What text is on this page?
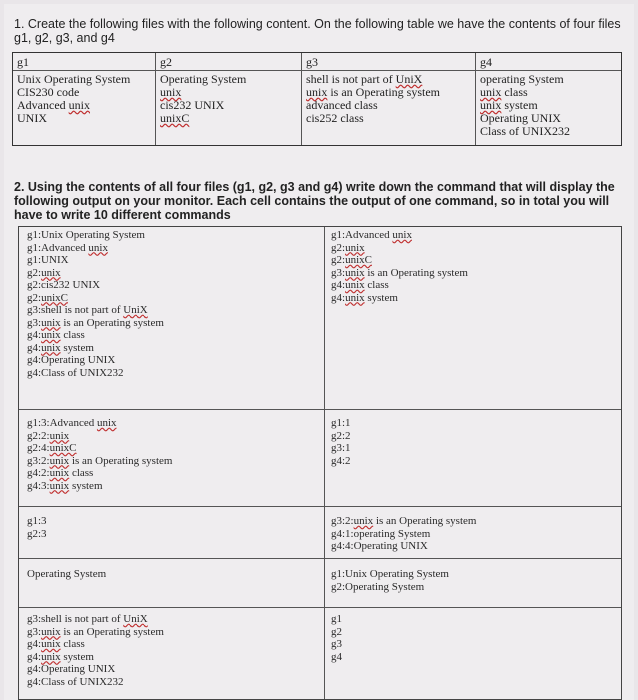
1. Create the following files with the following content. On the following table we have the contents of four files g1, g2, g3, and g4
g1
Unix Operating System
CIS230 code
Advanced unix
UNIX
g2
Operating System
unix
cis232 UNIX
unixC
g3
shell is not part of UniX
unix is an Operating system
advanced class
cis252 class
g4
operating System
unix class
unix system
Operating UNIX
Class of UNIX232
2. Using the contents of all four files (g1, g2, g3 and g4) write down the command that will display the following output on your monitor. Each cell contains the output of one command, so in total you will have to write 10 different commands
g1:Unix Operating System
g1:Advanced unix
g1:UNIX
g2:unix
g2:cis232 UNIX
g2:unixC
g3:shell is not part of UniX
g3:unix is an Operating system
g4:unix class
g4:unix system
g4:Operating UNIX
g4:Class of UNIX232
g1:Advanced unix
g2:unix
g2:unixC
g3:unix is an Operating system
g4:unix class
g4:unix system
g1:3:Advanced unix
g2:2:unix
g2:4:unixC
g3:2:unix is an Operating system
g4:2:unix class
g4:3:unix system
g1:1
g2:2
g3:1
g4:2
g1:3
g2:3
g3:2:unix is an Operating system
g4:1:operating System
g4:4:Operating UNIX
Operating System	g1:Unix Operating System
g2:Operating System
g3:shell is not part of UniX
g3:unix is an Operating system
g4:unix class
g4:unix system
g4:Operating UNIX
g4:Class of UNIX232
g1
g2
g3
g4
